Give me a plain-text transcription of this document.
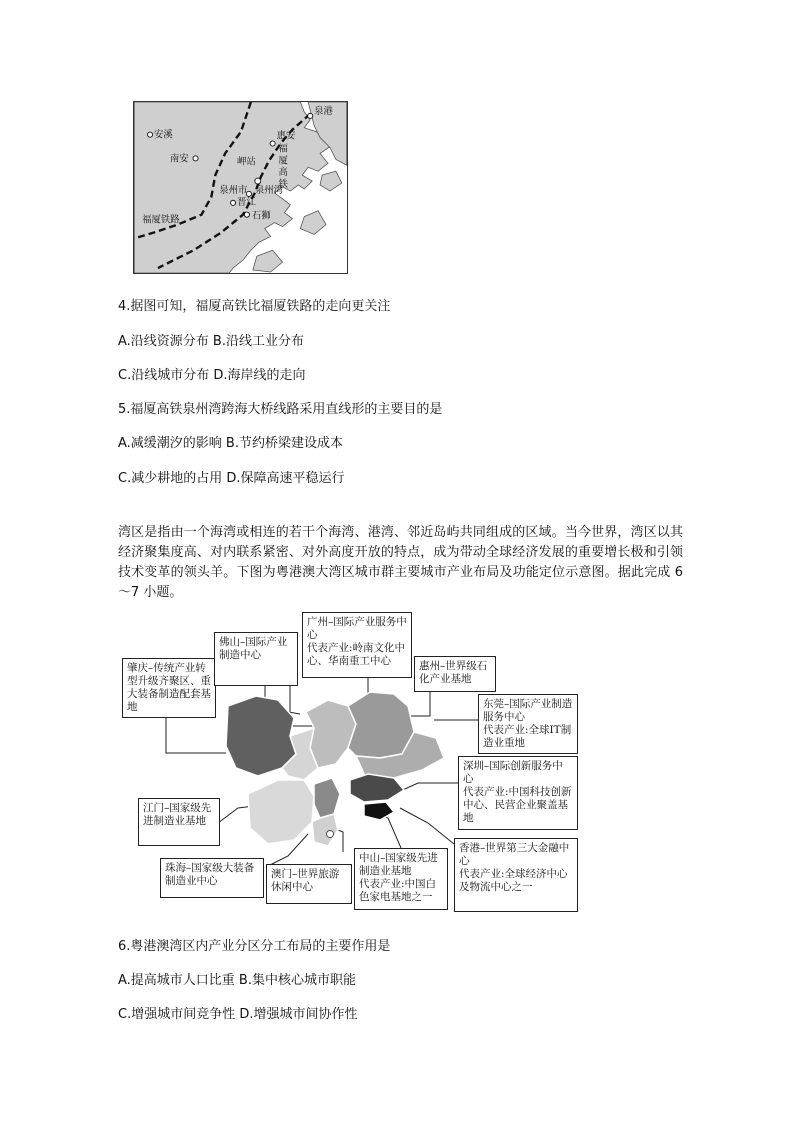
泉港
安溪	惠安
南安
福
厦
高
铁
岬站
泉州市 泉州湾
晋江
石狮
福厦铁路
4.据图可知，福厦高铁比福厦铁路的走向更关注
A.沿线资源分布 B.沿线工业分布
C.沿线城市分布 D.海岸线的走向
5.福厦高铁泉州湾跨海大桥线路采用直线形的主要目的是
A.减缓潮汐的影响 B.节约桥梁建设成本
C.减少耕地的占用 D.保障高速平稳运行
湾区是指由一个海湾或相连的若干个海湾、港湾、邻近岛屿共同组成的区域。当今世界，湾区以其经济聚集度高、对内联系紧密、对外高度开放的特点，成为带动全球经济发展的重要增长极和引领技术变革的领头羊。下图为粤港澳大湾区城市群主要城市产业布局及功能定位示意图。据此完成 6～7 小题。
肇庆–传统产业转型升级齐聚区、重大装备制造配套基地
佛山–国际产业制造中心
广州–国际产业服务中心
代表产业:岭南文化中心、华南重工中心	惠州–世界级石化产业基地
东莞–国际产业制造服务中心
代表产业:全球IT制造业重地
深圳–国际创新服务中心
代表产业:中国科技创新中心、民营企业聚盖基地
江门–国家级先进制造业基地
珠海–国家级大装备制造业中心
澳门–世界旅游休闲中心
中山–国家级先进制造业基地
代表产业:中国白色家电基地之一
香港–世界第三大金融中心
代表产业:全球经济中心及物流中心之一
6.粤港澳湾区内产业分区分工布局的主要作用是
A.提高城市人口比重 B.集中核心城市职能
C.增强城市间竞争性 D.增强城市间协作性
